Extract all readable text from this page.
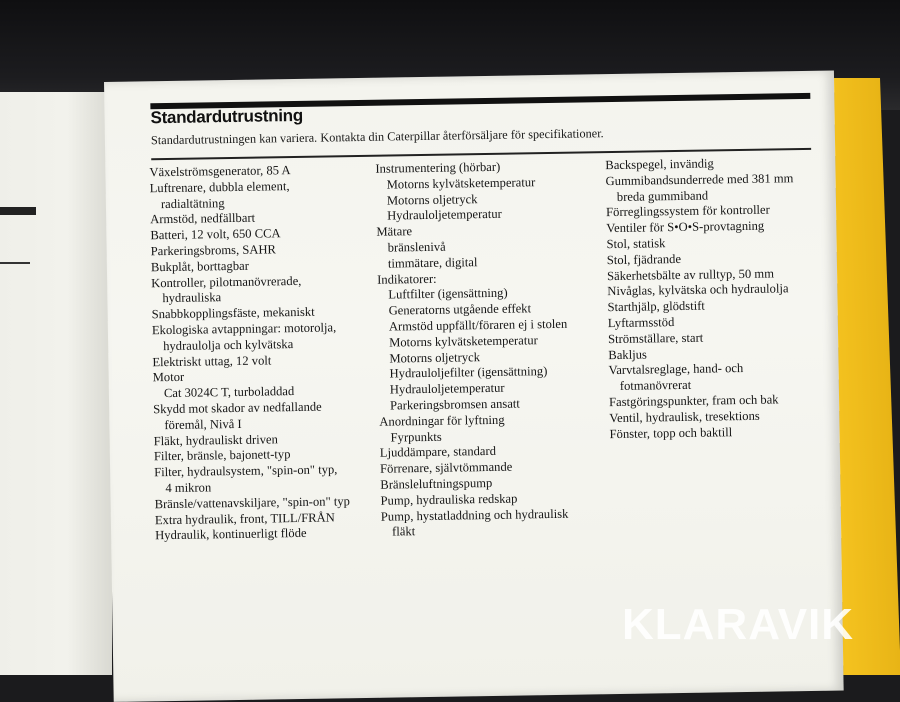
Standardutrustning
Standardutrustningen kan variera. Kontakta din Caterpillar återförsäljare för specifikationer.
Växelströmsgenerator, 85 A
Luftrenare, dubbla element,
radialtätning
Armstöd, nedfällbart
Batteri, 12 volt, 650 CCA
Parkeringsbroms, SAHR
Bukplåt, borttagbar
Kontroller, pilotmanövrerade,
hydrauliska
Snabbkopplingsfäste, mekaniskt
Ekologiska avtappningar: motorolja,
hydraulolja och kylvätska
Elektriskt uttag, 12 volt
Motor
Cat 3024C T, turboladdad
Skydd mot skador av nedfallande
föremål, Nivå I
Fläkt, hydrauliskt driven
Filter, bränsle, bajonett-typ
Filter, hydraulsystem, "spin-on" typ,
4 mikron
Bränsle/vattenavskiljare, "spin-on" typ
Extra hydraulik, front, TILL/FRÅN
Hydraulik, kontinuerligt flöde
Instrumentering (hörbar)
Motorns kylvätsketemperatur
Motorns oljetryck
Hydrauloljetemperatur
Mätare
bränslenivå
timmätare, digital
Indikatorer:
Luftfilter (igensättning)
Generatorns utgående effekt
Armstöd uppfällt/föraren ej i stolen
Motorns kylvätsketemperatur
Motorns oljetryck
Hydrauloljefilter (igensättning)
Hydrauloljetemperatur
Parkeringsbromsen ansatt
Anordningar för lyftning
Fyrpunkts
Ljuddämpare, standard
Förrenare, självtömmande
Bränsleluftningspump
Pump, hydrauliska redskap
Pump, hystatladdning och hydraulisk
fläkt
Backspegel, invändig
Gummibandsunderrede med 381 mm
breda gummiband
Förreglingssystem för kontroller
Ventiler för S•O•S-provtagning
Stol, statisk
Stol, fjädrande
Säkerhetsbälte av rulltyp, 50 mm
Nivåglas, kylvätska och hydraulolja
Starthjälp, glödstift
Lyftarmsstöd
Strömställare, start
Bakljus
Varvtalsreglage, hand- och
fotmanövrerat
Fastgöringspunkter, fram och bak
Ventil, hydraulisk, tresektions
Fönster, topp och baktill
KLARAVIK
